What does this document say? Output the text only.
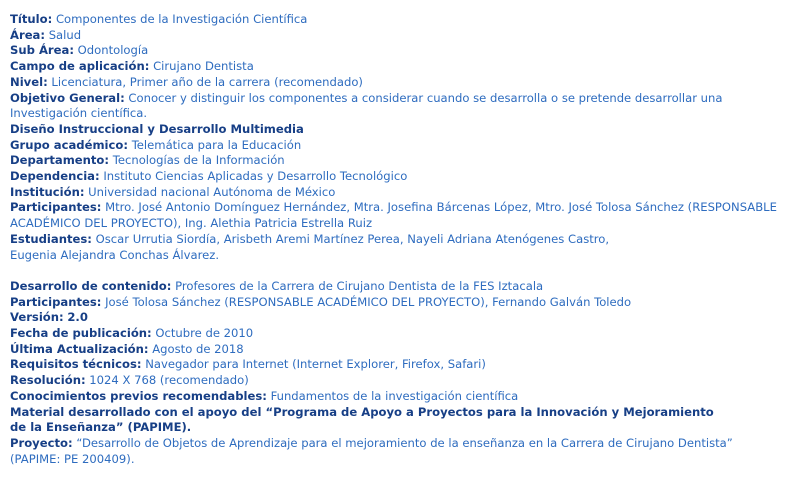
Título: Componentes de la Investigación Científica
Área: Salud
Sub Área: Odontología
Campo de aplicación: Cirujano Dentista
Nivel: Licenciatura, Primer año de la carrera (recomendado)
Objetivo General: Conocer y distinguir los componentes a considerar cuando se desarrolla o se pretende desarrollar una Investigación científica.
Diseño Instruccional y Desarrollo Multimedia
Grupo académico: Telemática para la Educación
Departamento: Tecnologías de la Información
Dependencia: Instituto Ciencias Aplicadas y Desarrollo Tecnológico
Institución: Universidad nacional Autónoma de México
Participantes: Mtro. José Antonio Domínguez Hernández, Mtra. Josefina Bárcenas López, Mtro. José Tolosa Sánchez (RESPONSABLE ACADÉMICO DEL PROYECTO), Ing. Alethia Patricia Estrella Ruiz
Estudiantes: Oscar Urrutia Siordía, Arisbeth Aremi Martínez Perea, Nayeli Adriana Atenógenes Castro,
Eugenia Alejandra Conchas Álvarez.
Desarrollo de contenido: Profesores de la Carrera de Cirujano Dentista de la FES Iztacala
Participantes: José Tolosa Sánchez (RESPONSABLE ACADÉMICO DEL PROYECTO), Fernando Galván Toledo
Versión: 2.0
Fecha de publicación: Octubre de 2010
Última Actualización: Agosto de 2018
Requisitos técnicos: Navegador para Internet (Internet Explorer, Firefox, Safari)
Resolución: 1024 X 768 (recomendado)
Conocimientos previos recomendables: Fundamentos de la investigación científica
Material desarrollado con el apoyo del “Programa de Apoyo a Proyectos para la Innovación y Mejoramiento
de la Enseñanza” (PAPIME).
Proyecto: “Desarrollo de Objetos de Aprendizaje para el mejoramiento de la enseñanza en la Carrera de Cirujano Dentista”
(PAPIME: PE 200409).
